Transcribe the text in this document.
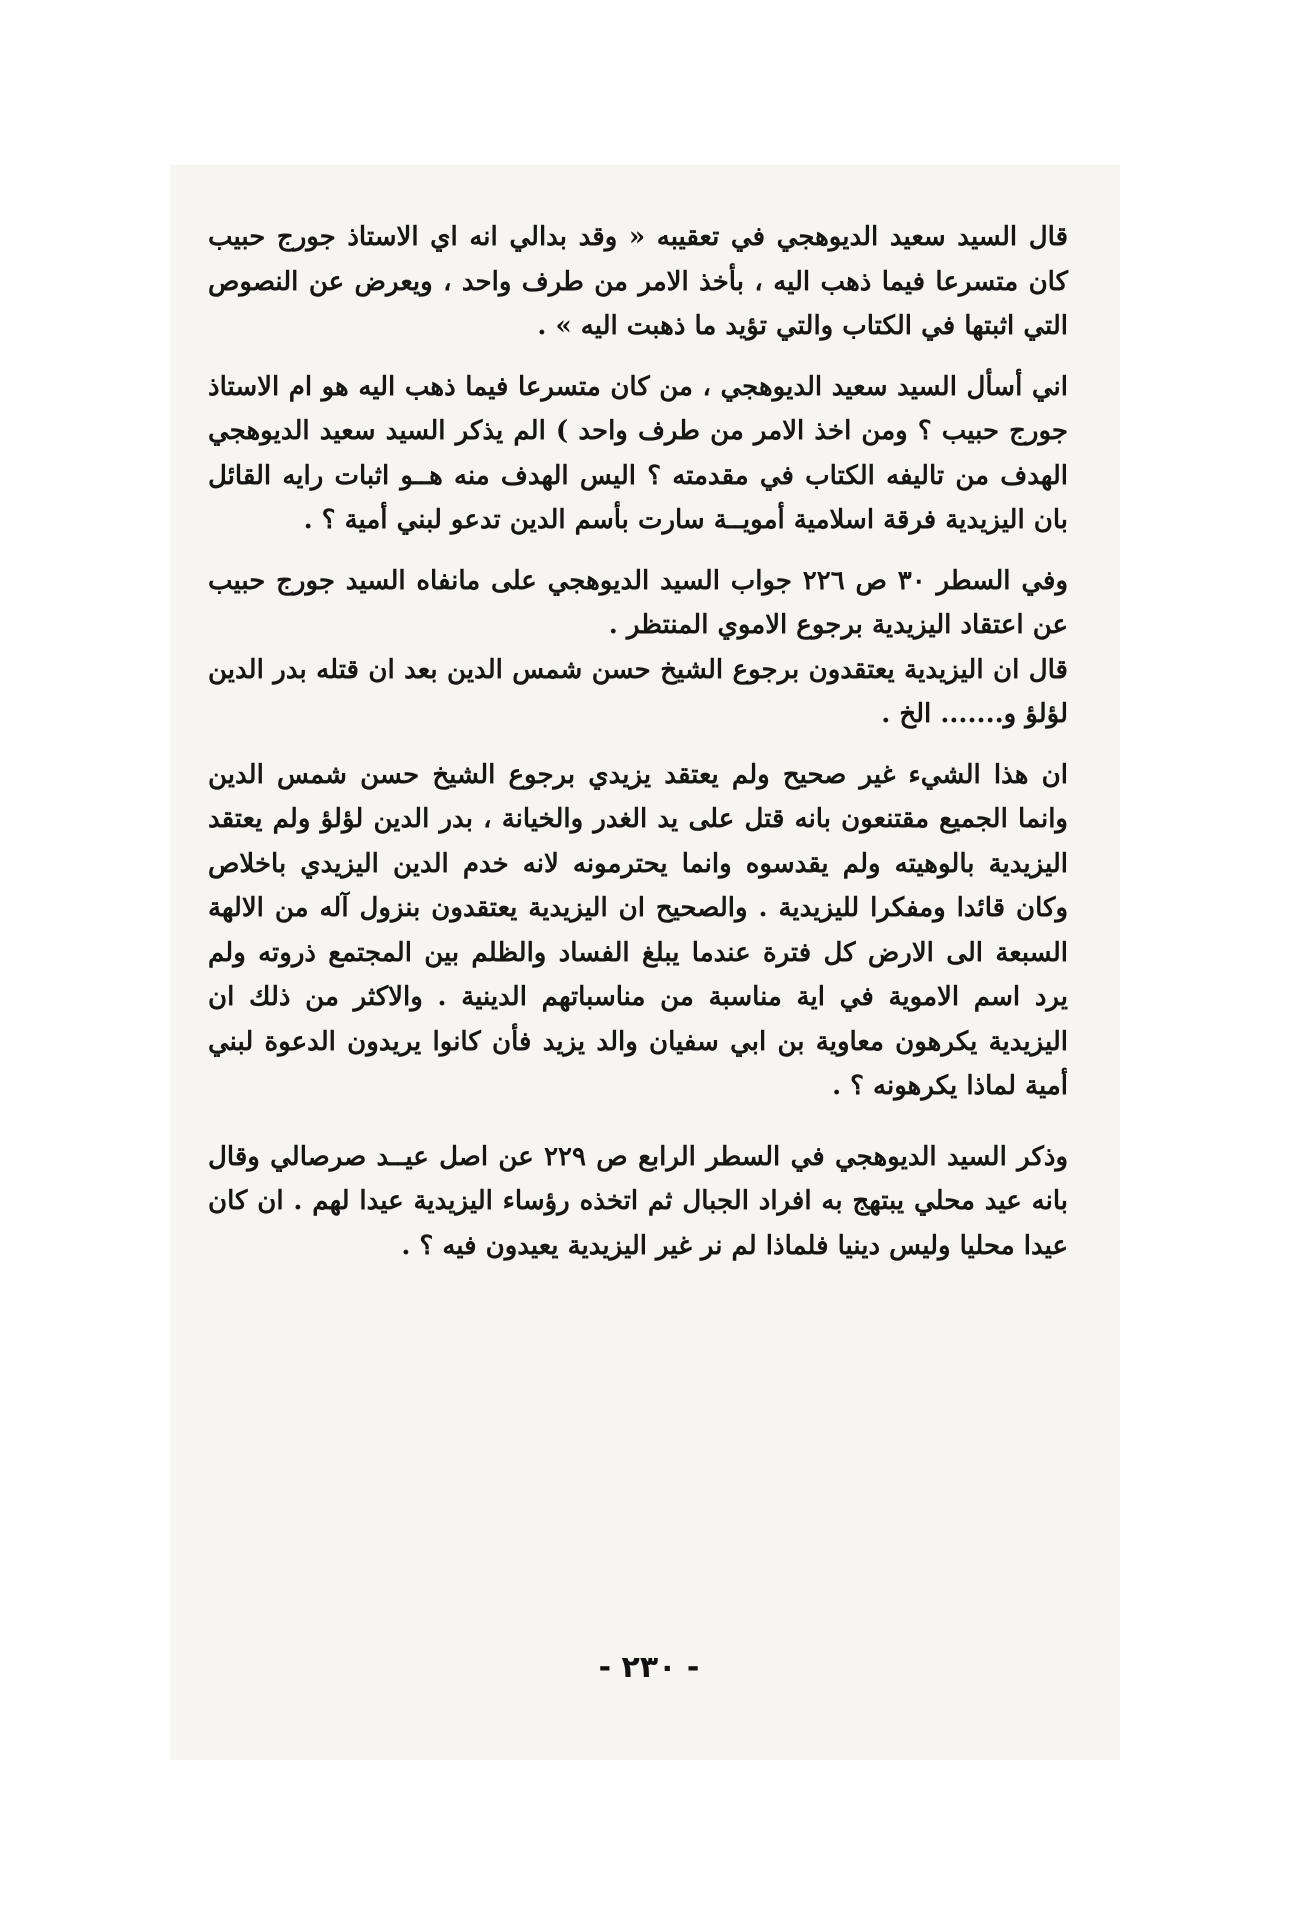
قال السيد سعيد الديوهجي في تعقيبه « وقد بدالي انه اي الاستاذ جورج حبيب كان متسرعا فيما ذهب اليه ، بأخذ الامر من طرف واحد ، ويعرض عن النصوص التي اثبتها في الكتاب والتي تؤيد ما ذهبت اليه » .

اني أسأل السيد سعيد الديوهجي ، من كان متسرعا فيما ذهب اليه هو ام الاستاذ جورج حبيب ؟ ومن اخذ الامر من طرف واحد ) الم يذكر السيد سعيد الديوهجي الهدف من تاليفه الكتاب في مقدمته ؟ اليس الهدف منه هــو اثبات رايه القائل بان اليزيدية فرقة اسلامية أمويــة سارت بأسم الدين تدعو لبني أمية ؟ .

وفي السطر ٣٠ ص ٢٢٦ جواب السيد الديوهجي على مانفاه السيد جورج حبيب عن اعتقاد اليزيدية برجوع الاموي المنتظر .

قال ان اليزيدية يعتقدون برجوع الشيخ حسن شمس الدين بعد ان قتله بدر الدين لؤلؤ و....... الخ .

ان هذا الشيء غير صحيح ولم يعتقد يزيدي برجوع الشيخ حسن شمس الدين وانما الجميع مقتنعون بانه قتل على يد الغدر والخيانة ، بدر الدين لؤلؤ ولم يعتقد اليزيدية بالوهيته ولم يقدسوه وانما يحترمونه لانه خدم الدين اليزيدي باخلاص وكان قائدا ومفكرا لليزيدية . والصحيح ان اليزيدية يعتقدون بنزول آله من الالهة السبعة الى الارض كل فترة عندما يبلغ الفساد والظلم بين المجتمع ذروته ولم يرد اسم الاموية في اية مناسبة من مناسباتهم الدينية . والاكثر من ذلك ان اليزيدية يكرهون معاوية بن ابي سفيان والد يزيد فأن كانوا يريدون الدعوة لبني أمية لماذا يكرهونه ؟ .

وذكر السيد الديوهجي في السطر الرابع ص ٢٢٩ عن اصل عيــد صرصالي وقال بانه عيد محلي يبتهج به افراد الجبال ثم اتخذه رؤساء اليزيدية عيدا لهم . ان كان عيدا محليا وليس دينيا فلماذا لم نر غير اليزيدية يعيدون فيه ؟ .

- ٢٣٠ -
